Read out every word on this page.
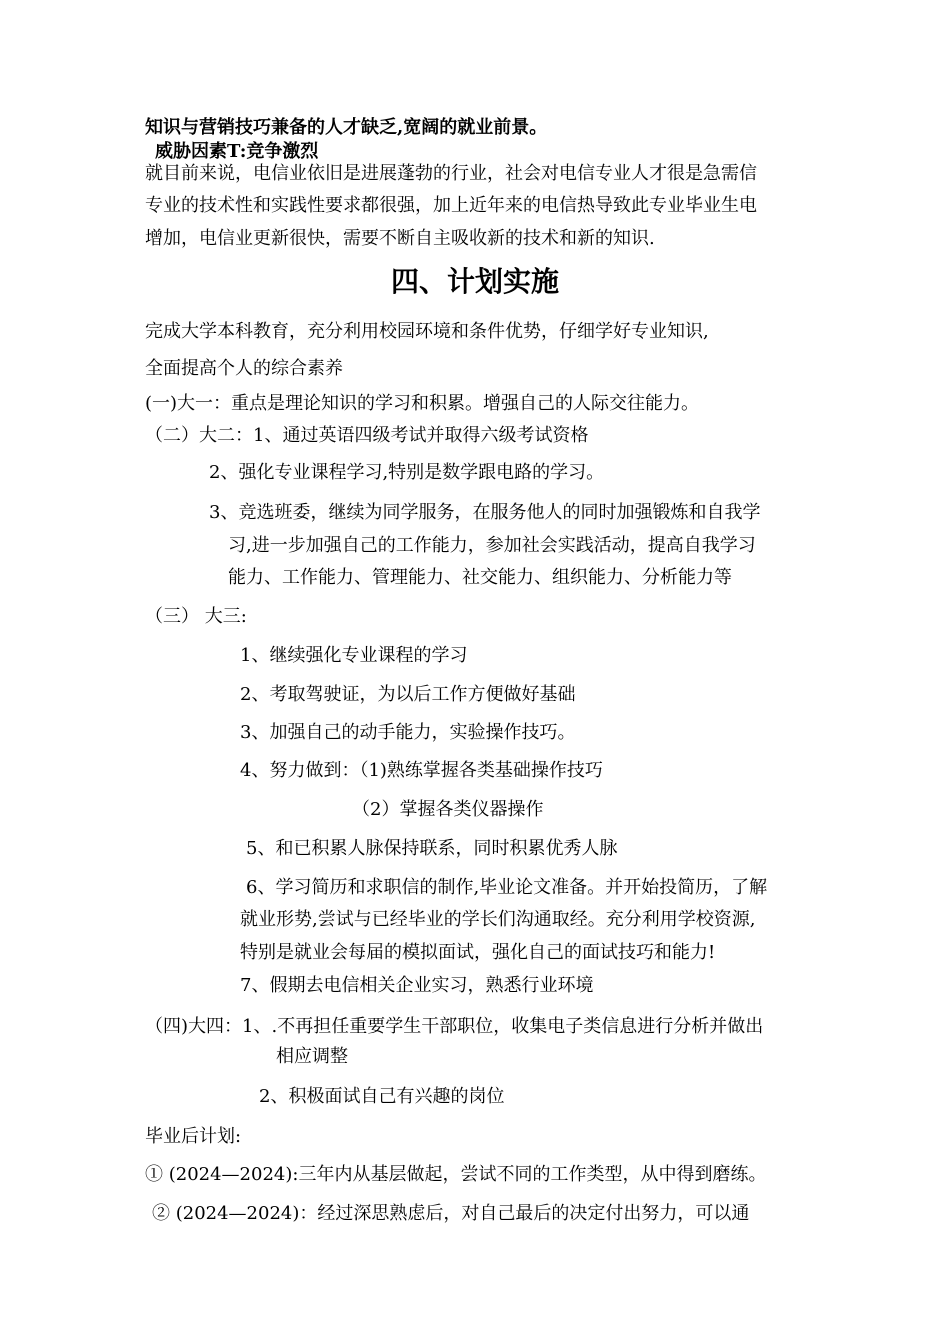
知识与营销技巧兼备的人才缺乏,宽阔的就业前景。
威胁因素T:竞争激烈
就目前来说，电信业依旧是进展蓬勃的行业，社会对电信专业人才很是急需信
专业的技术性和实践性要求都很强，加上近年来的电信热导致此专业毕业生电
增加，电信业更新很快，需要不断自主吸收新的技术和新的知识.
四、计划实施
完成大学本科教育，充分利用校园环境和条件优势，仔细学好专业知识,
全面提高个人的综合素养
(一)大一：重点是理论知识的学习和积累。增强自己的人际交往能力。
（二）大二：1、通过英语四级考试并取得六级考试资格
2、强化专业课程学习,特别是数学跟电路的学习。
3、竞选班委，继续为同学服务，在服务他人的同时加强锻炼和自我学
习,进一步加强自己的工作能力，参加社会实践活动，提高自我学习
能力、工作能力、管理能力、社交能力、组织能力、分析能力等
（三） 大三:
1、继续强化专业课程的学习
2、考取驾驶证，为以后工作方便做好基础
3、加强自己的动手能力，实验操作技巧。
4、努力做到：（1)熟练掌握各类基础操作技巧
（2）掌握各类仪器操作
5、和已积累人脉保持联系，同时积累优秀人脉
6、学习简历和求职信的制作,毕业论文准备。并开始投简历，了解
就业形势,尝试与已经毕业的学长们沟通取经。充分利用学校资源,
特别是就业会每届的模拟面试，强化自己的面试技巧和能力!
7、假期去电信相关企业实习，熟悉行业环境
（四)大四：1、.不再担任重要学生干部职位，收集电子类信息进行分析并做出
相应调整
2、积极面试自己有兴趣的岗位
毕业后计划:
① (2024—2024):三年内从基层做起，尝试不同的工作类型，从中得到磨练。
② (2024—2024)：经过深思熟虑后，对自己最后的决定付出努力，可以通
